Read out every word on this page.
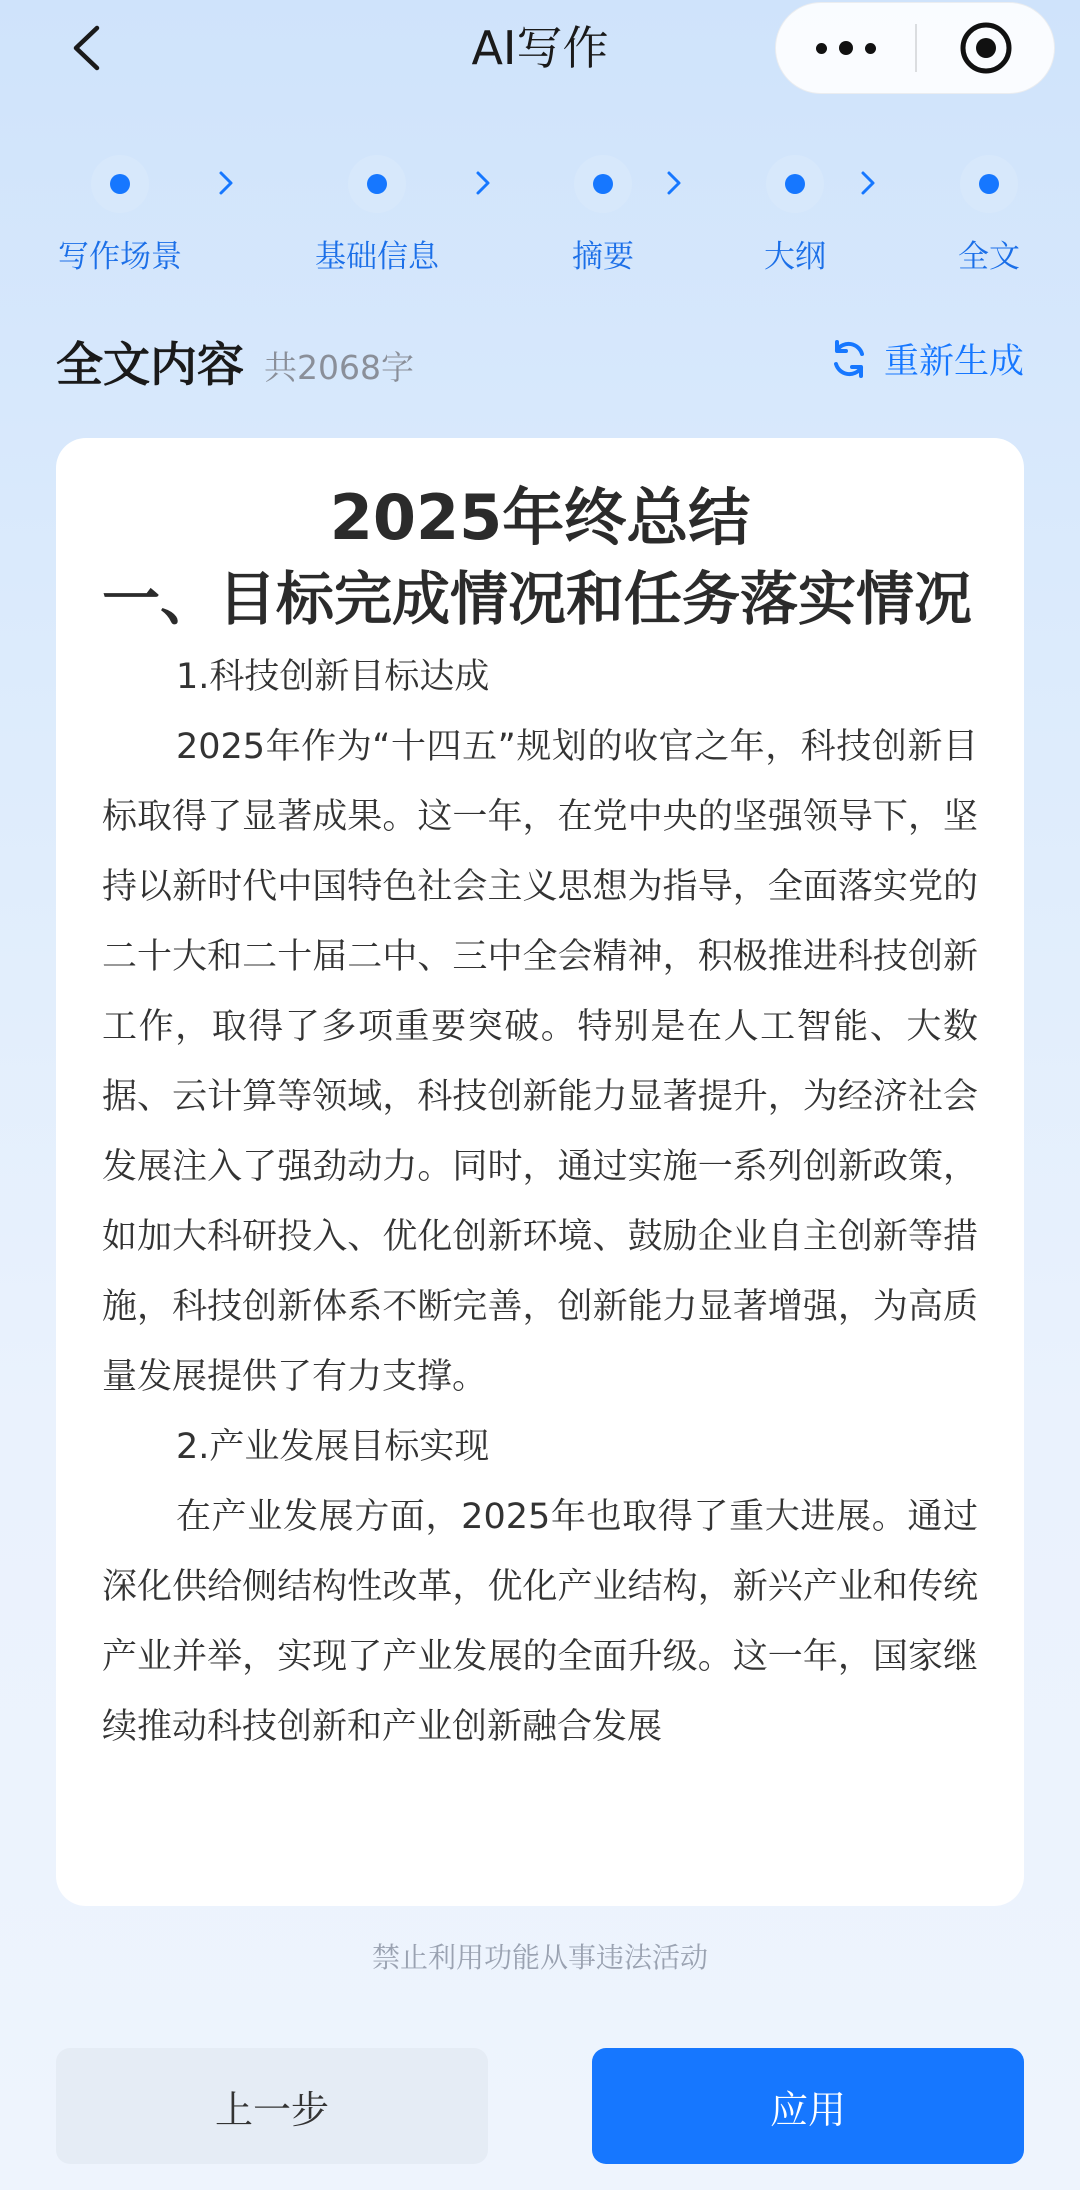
AI写作
写作场景	基础信息	摘要	大纲	全文
全文内容 共2068字	重新生成
2025年终总结
一、目标完成情况和任务落实情况
1.科技创新目标达成
2025年作为“十四五”规划的收官之年，科技创新目标取得了显著成果。这一年，在党中央的坚强领导下，坚持以新时代中国特色社会主义思想为指导，全面落实党的二十大和二十届二中、三中全会精神，积极推进科技创新工作，取得了多项重要突破。特别是在人工智能、大数据、云计算等领域，科技创新能力显著提升，为经济社会发展注入了强劲动力。同时，通过实施一系列创新政策，如加大科研投入、优化创新环境、鼓励企业自主创新等措施，科技创新体系不断完善，创新能力显著增强，为高质量发展提供了有力支撑。
2.产业发展目标实现
在产业发展方面，2025年也取得了重大进展。通过深化供给侧结构性改革，优化产业结构，新兴产业和传统产业并举，实现了产业发展的全面升级。这一年，国家继续推动科技创新和产业创新融合发展
禁止利用功能从事违法活动
上一步	应用
